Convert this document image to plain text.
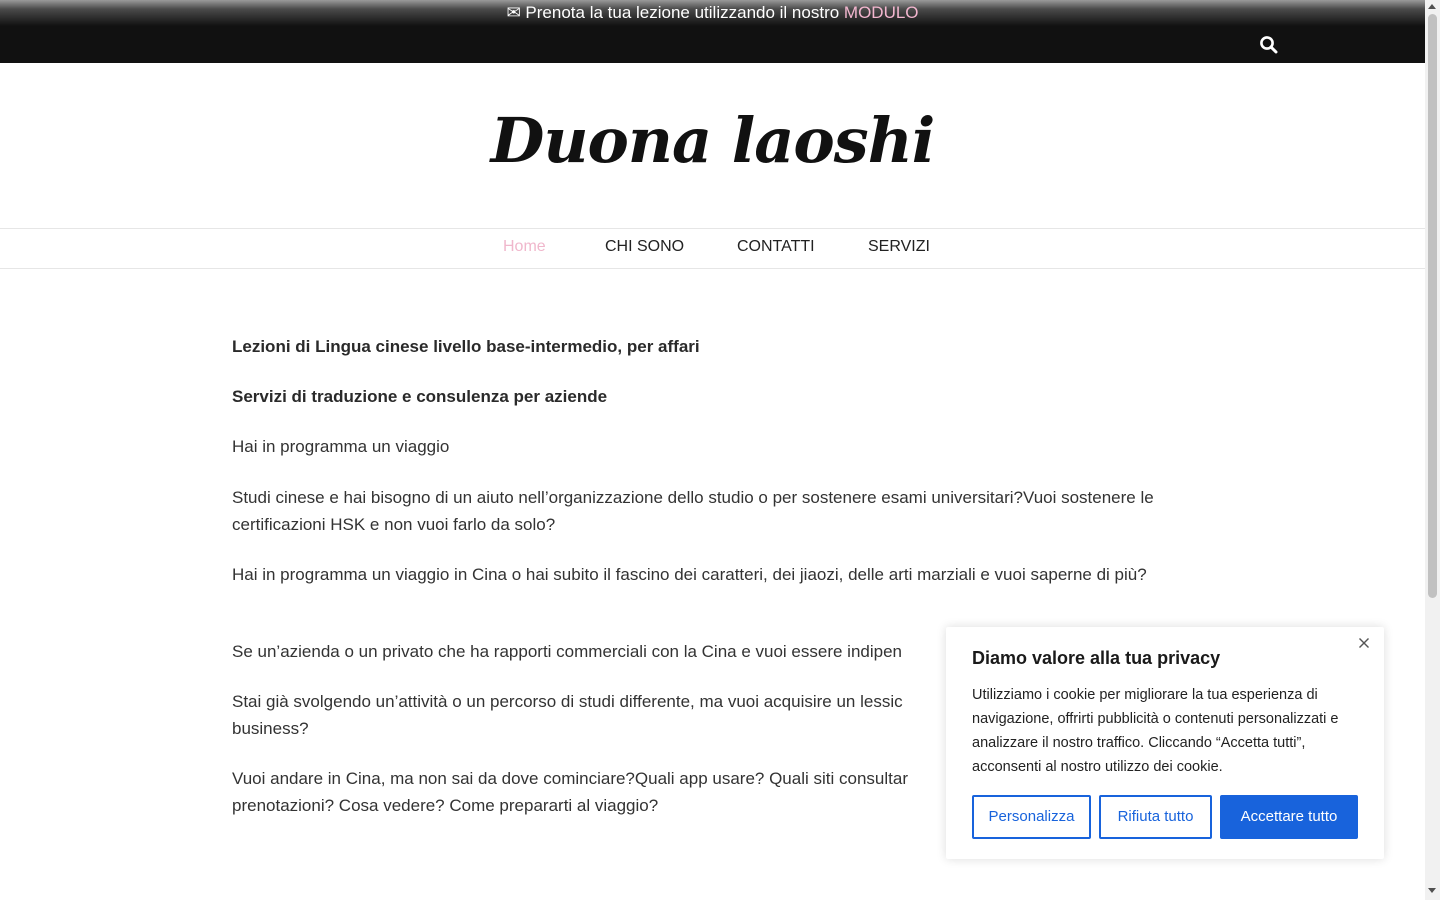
✉ Prenota la tua lezione utilizzando il nostro MODULO
Duona laoshi
Home	CHI SONO	CONTATTI	SERVIZI

Lezioni di Lingua cinese livello base-intermedio, per affari

Servizi di traduzione e consulenza per aziende

Hai in programma un viaggio

Studi cinese e hai bisogno di un aiuto nell’organizzazione dello studio o per sostenere esami universitari?Vuoi sostenere le certificazioni HSK e non vuoi farlo da solo?

Hai in programma un viaggio in Cina o hai subito il fascino dei caratteri, dei jiaozi, delle arti marziali e vuoi saperne di più?

Se un’azienda o un privato che ha rapporti commerciali con la Cina e vuoi essere indipen

Stai già svolgendo un’attività o un percorso di studi differente, ma vuoi acquisire un lessic business?

Vuoi andare in Cina, ma non sai da dove cominciare?Quali app usare? Quali siti consultar prenotazioni? Cosa vedere? Come prepararti al viaggio?

Diamo valore alla tua privacy
Utilizziamo i cookie per migliorare la tua esperienza di navigazione, offrirti pubblicità o contenuti personalizzati e analizzare il nostro traffico. Cliccando “Accetta tutti”, acconsenti al nostro utilizzo dei cookie.
Personalizza	Rifiuta tutto	Accettare tutto
